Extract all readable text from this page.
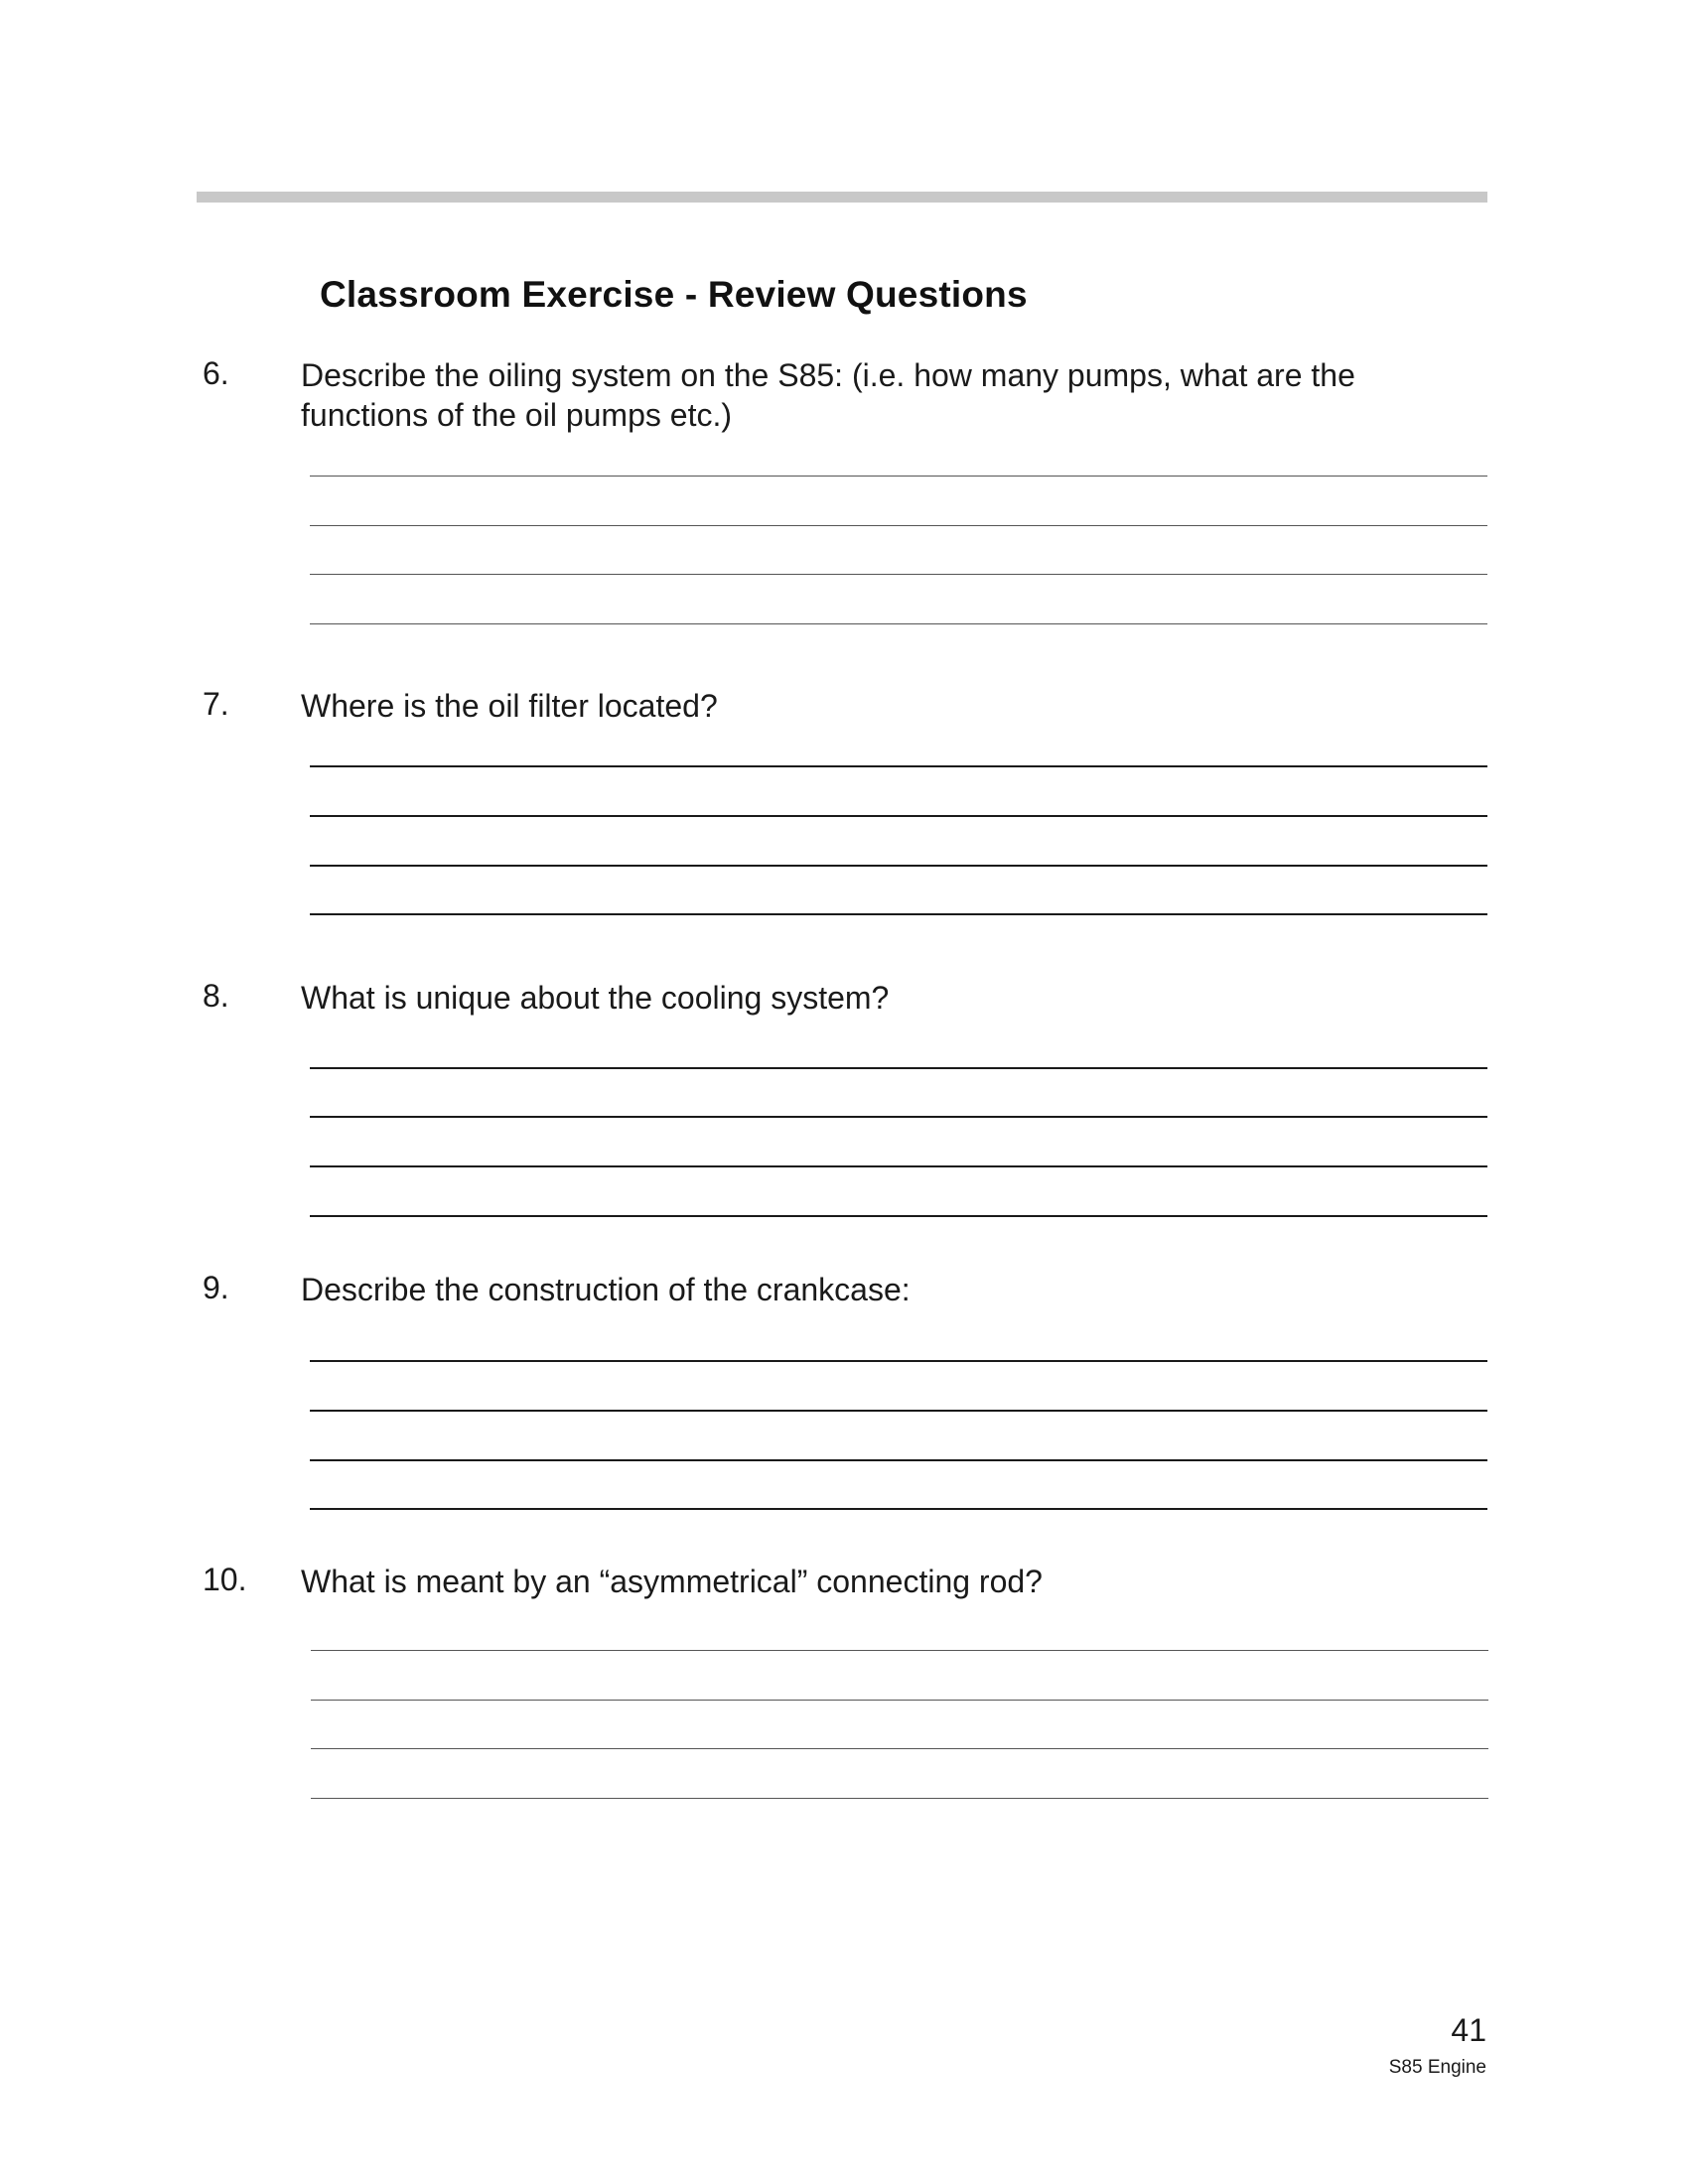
Classroom Exercise - Review Questions
6. Describe the oiling system on the S85: (i.e. how many pumps, what are the functions of the oil pumps etc.)
7. Where is the oil filter located?
8. What is unique about the cooling system?
9. Describe the construction of the crankcase:
10. What is meant by an “asymmetrical” connecting rod?
41
S85 Engine
